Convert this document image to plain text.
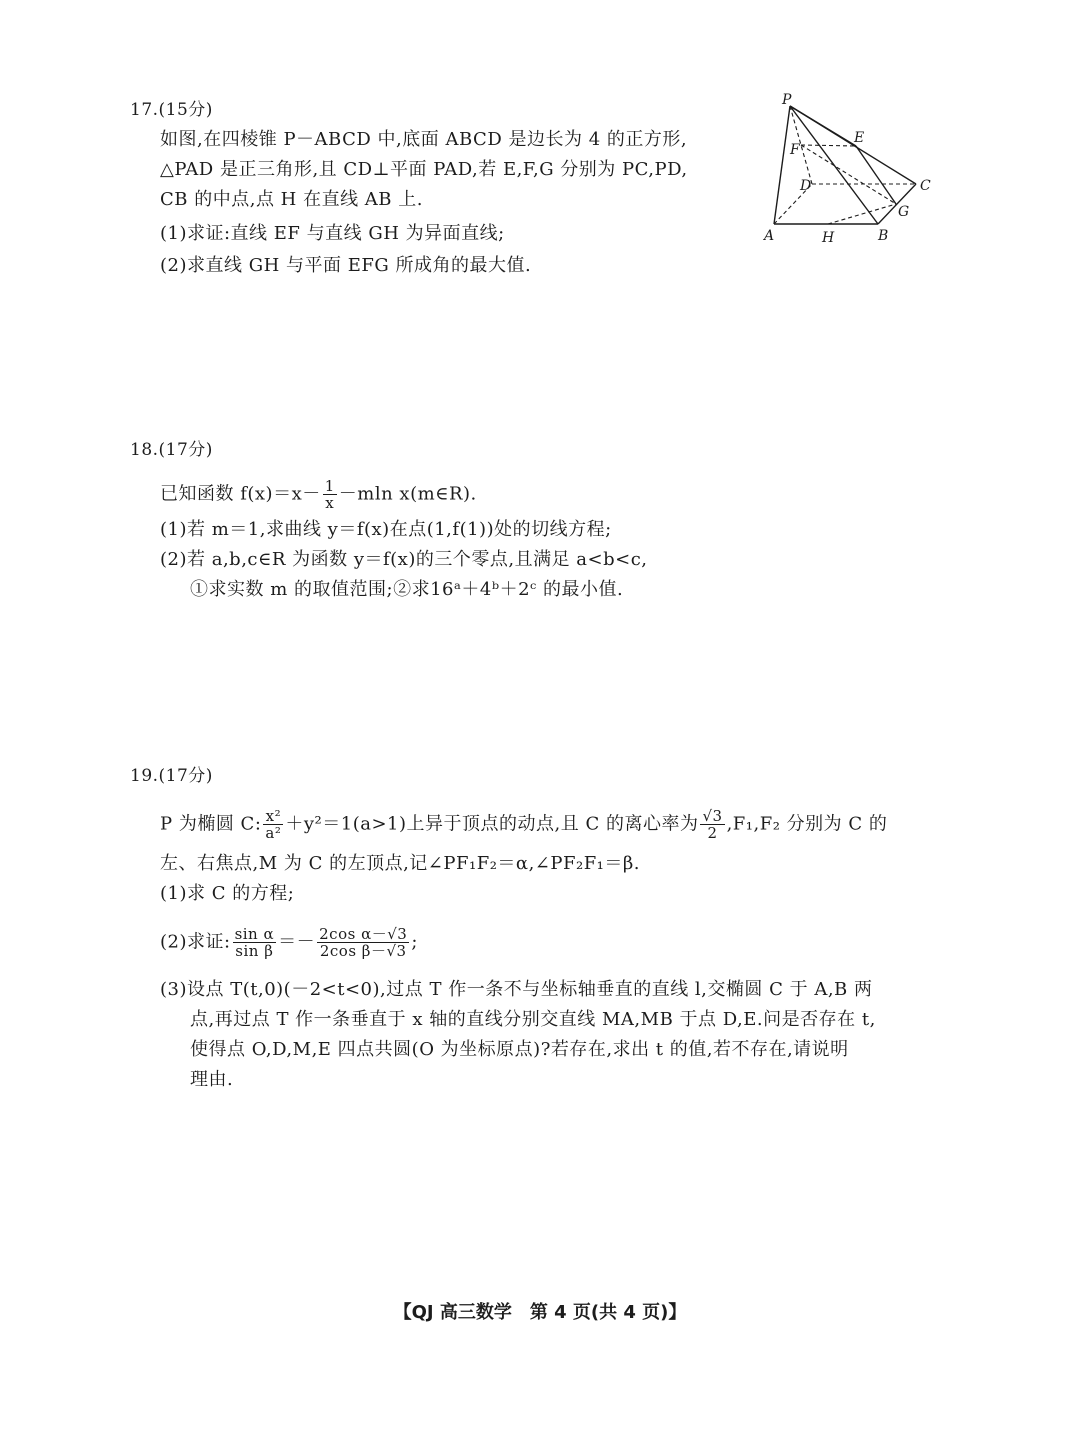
17.(15分)
如图,在四棱锥 P－ABCD 中,底面 ABCD 是边长为 4 的正方形,
△PAD 是正三角形,且 CD⊥平面 PAD,若 E,F,G 分别为 PC,PD,
CB 的中点,点 H 在直线 AB 上.
(1)求证:直线 EF 与直线 GH 为异面直线;
(2)求直线 GH 与平面 EFG 所成角的最大值.
P
E
F
D	C
G
A	H	B
18.(17分)
已知函数 $f(x)=x- \frac{1}{x} -mln$ x(m∈R).
(1)若 m＝1,求曲线 y＝f(x)在点(1,f(1))处的切线方程;
(2)若 a,b,c∈R 为函数 y＝f(x)的三个零点,且满足 a<b<c,
①求实数 m 的取值范围;②求16ᵃ＋4ᵇ＋2ᶜ 的最小值.
19.(17分)
P 为椭圆 C: $\frac{\text{x²}}{\text{a²}} +y^2=1(a>1)$上异于顶点的动点,且 C 的离心率为 $\frac{√3}{2} ,F_1,F_2$ 分别为 C 的
左、右焦点,M 为 C 的左顶点,记∠PF₁F₂＝α,∠PF₂F₁＝β.
(1)求 C 的方程;
(2)求证: $\frac{\text{sin α}}{\text{sin β}} =- \frac{\text{2cos α－√3}}{\text{2cos β－√3}}$ ;
(3)设点 T(t,0)(－2<t<0),过点 T 作一条不与坐标轴垂直的直线 l,交椭圆 C 于 A,B 两
点,再过点 T 作一条垂直于 x 轴的直线分别交直线 MA,MB 于点 D,E.问是否存在 t,
使得点 O,D,M,E 四点共圆(O 为坐标原点)?若存在,求出 t 的值,若不存在,请说明
理由.
【QJ 高三数学　第 4 页(共 4 页)】
